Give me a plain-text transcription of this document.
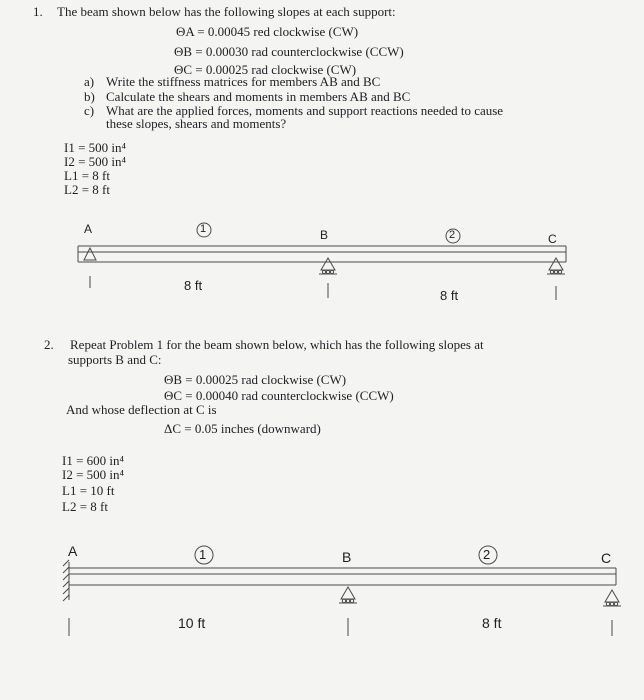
1. The beam shown below has the following slopes at each support:
ΘA = 0.00045 red clockwise (CW)
ΘB = 0.00030 rad counterclockwise (CCW)
ΘC = 0.00025 rad clockwise (CW)
a) Write the stiffness matrices for members AB and BC
b) Calculate the shears and moments in members AB and BC
c) What are the applied forces, moments and support reactions needed to cause
these slopes, shears and moments?
I1 = 500 in⁴
I2 = 500 in⁴
L1 = 8 ft
L2 = 8 ft
A	B	C
1	2
8 ft
8 ft
2. Repeat Problem 1 for the beam shown below, which has the following slopes at
supports B and C:
ΘB = 0.00025 rad clockwise (CW)
ΘC = 0.00040 rad counterclockwise (CCW)
And whose deflection at C is
ΔC = 0.05 inches (downward)
I1 = 600 in⁴
I2 = 500 in⁴
L1 = 10 ft
L2 = 8 ft
A	B	C
1	2
10 ft	8 ft
